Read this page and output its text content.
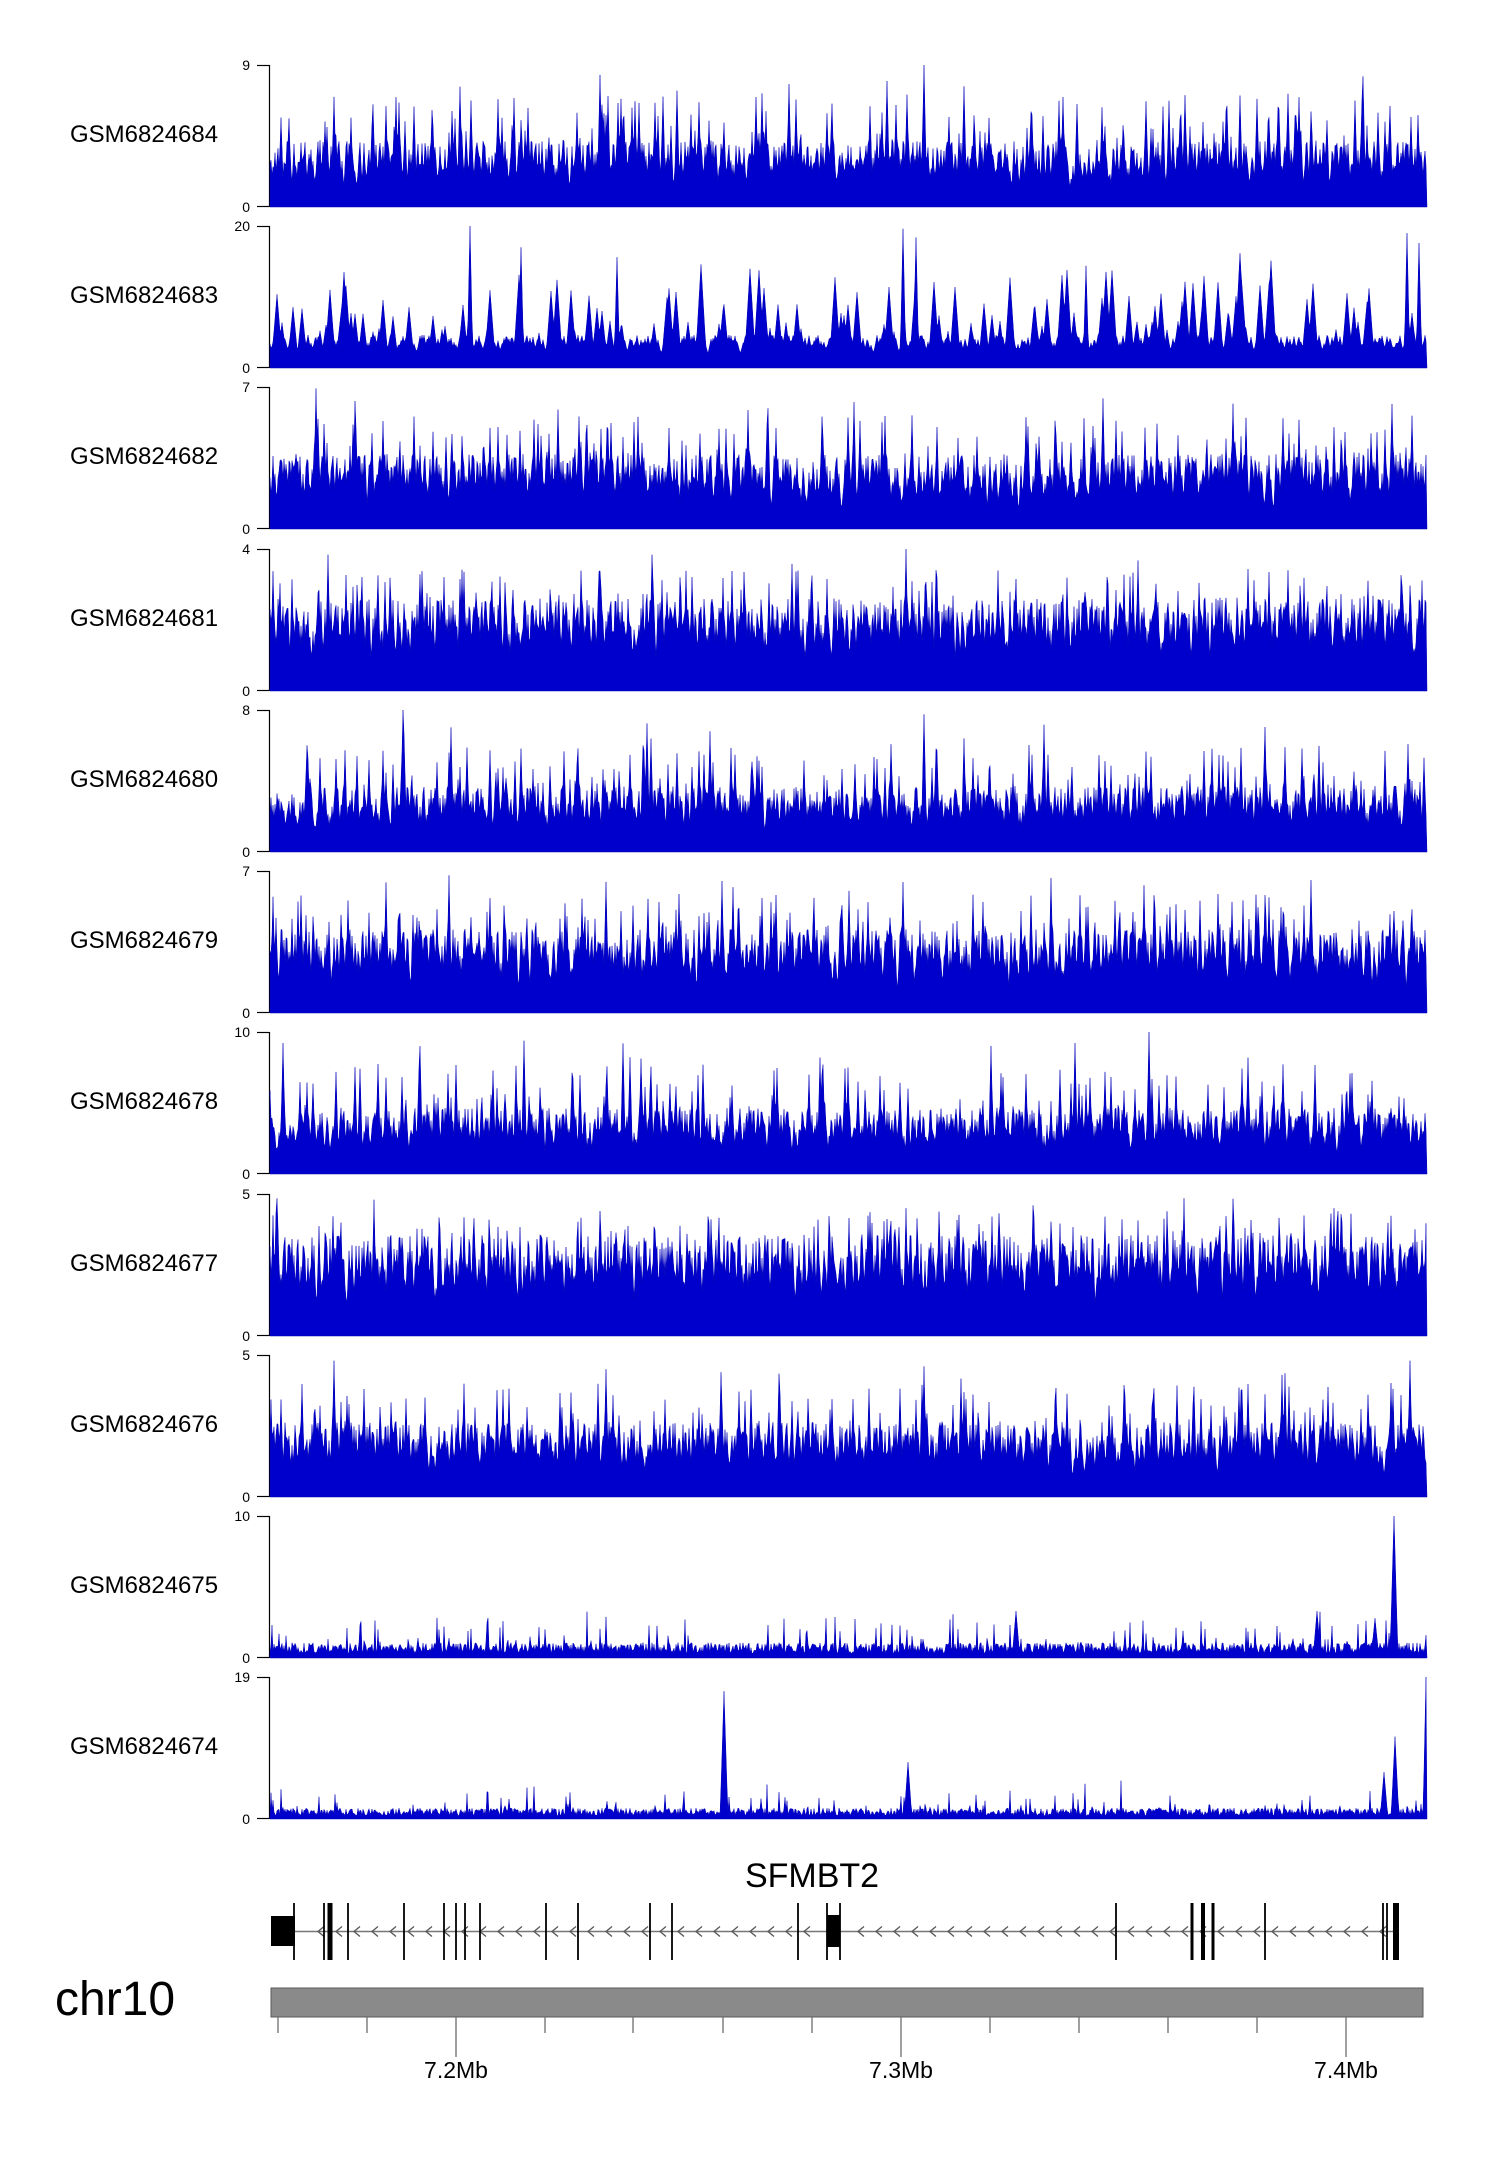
SFMBT2
chr10
GSM6824684
9
0
GSM6824683
20
0
GSM6824682
7
0
GSM6824681
4
0
GSM6824680
8
0
GSM6824679
7
0
GSM6824678
10
0
GSM6824677
5
0
GSM6824676
5
0
GSM6824675
10
0
GSM6824674
19
0
7.2Mb	7.3Mb	7.4Mb
